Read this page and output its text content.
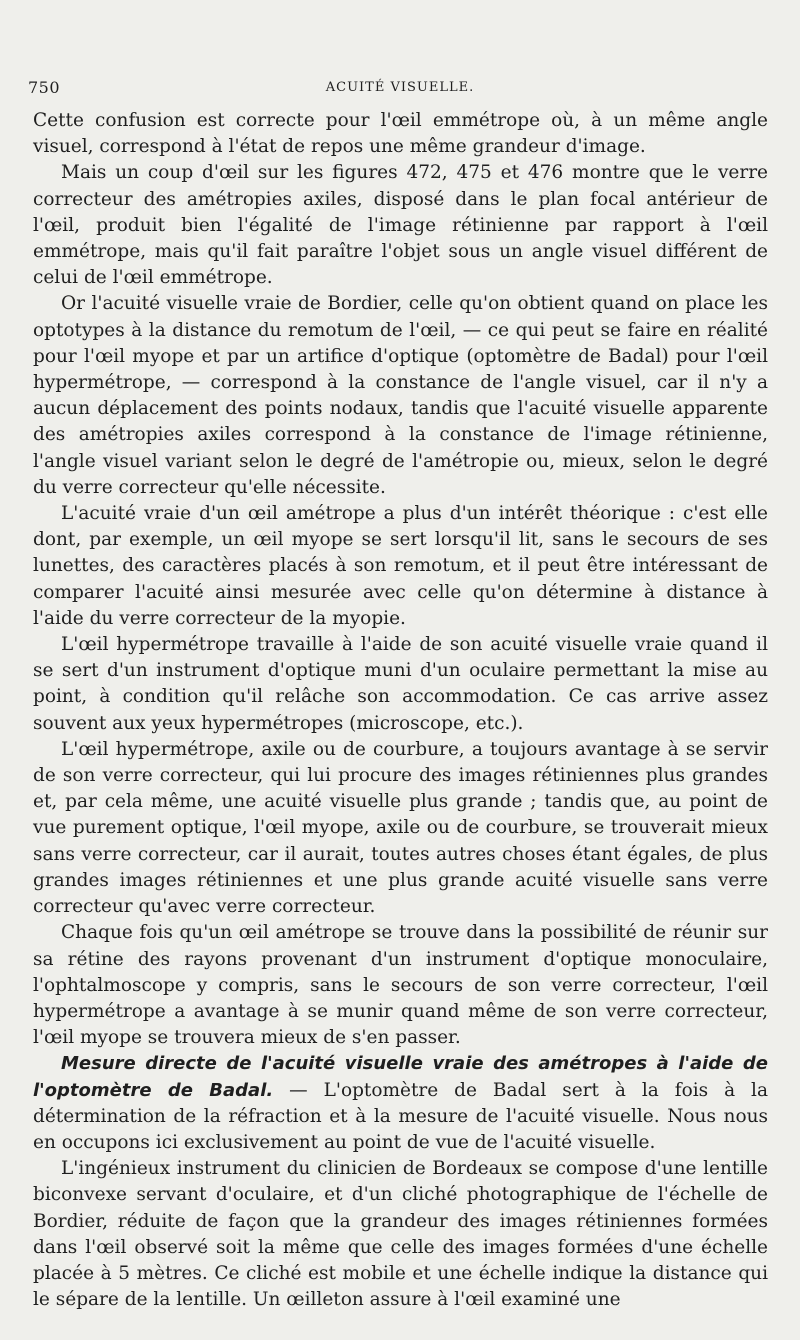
750	ACUITÉ VISUELLE.

Cette confusion est correcte pour l'œil emmétrope où, à un même angle visuel, correspond à l'état de repos une même grandeur d'image.

Mais un coup d'œil sur les figures 472, 475 et 476 montre que le verre correcteur des amétropies axiles, disposé dans le plan focal antérieur de l'œil, produit bien l'égalité de l'image rétinienne par rapport à l'œil emmétrope, mais qu'il fait paraître l'objet sous un angle visuel différent de celui de l'œil emmétrope.

Or l'acuité visuelle vraie de Bordier, celle qu'on obtient quand on place les optotypes à la distance du remotum de l'œil, — ce qui peut se faire en réalité pour l'œil myope et par un artifice d'optique (optomètre de Badal) pour l'œil hypermétrope, — correspond à la constance de l'angle visuel, car il n'y a aucun déplacement des points nodaux, tandis que l'acuité visuelle apparente des amétropies axiles correspond à la constance de l'image rétinienne, l'angle visuel variant selon le degré de l'amétropie ou, mieux, selon le degré du verre correcteur qu'elle nécessite.

L'acuité vraie d'un œil amétrope a plus d'un intérêt théorique : c'est elle dont, par exemple, un œil myope se sert lorsqu'il lit, sans le secours de ses lunettes, des caractères placés à son remotum, et il peut être intéressant de comparer l'acuité ainsi mesurée avec celle qu'on détermine à distance à l'aide du verre correcteur de la myopie.

L'œil hypermétrope travaille à l'aide de son acuité visuelle vraie quand il se sert d'un instrument d'optique muni d'un oculaire permettant la mise au point, à condition qu'il relâche son accommodation. Ce cas arrive assez souvent aux yeux hypermétropes (microscope, etc.).

L'œil hypermétrope, axile ou de courbure, a toujours avantage à se servir de son verre correcteur, qui lui procure des images rétiniennes plus grandes et, par cela même, une acuité visuelle plus grande ; tandis que, au point de vue purement optique, l'œil myope, axile ou de courbure, se trouverait mieux sans verre correcteur, car il aurait, toutes autres choses étant égales, de plus grandes images rétiniennes et une plus grande acuité visuelle sans verre correcteur qu'avec verre correcteur.

Chaque fois qu'un œil amétrope se trouve dans la possibilité de réunir sur sa rétine des rayons provenant d'un instrument d'optique monoculaire, l'ophtalmoscope y compris, sans le secours de son verre correcteur, l'œil hypermétrope a avantage à se munir quand même de son verre correcteur, l'œil myope se trouvera mieux de s'en passer.

Mesure directe de l'acuité visuelle vraie des amétropes à l'aide de l'optomètre de Badal. — L'optomètre de Badal sert à la fois à la détermination de la réfraction et à la mesure de l'acuité visuelle. Nous nous en occupons ici exclusivement au point de vue de l'acuité visuelle.

L'ingénieux instrument du clinicien de Bordeaux se compose d'une lentille biconvexe servant d'oculaire, et d'un cliché photographique de l'échelle de Bordier, réduite de façon que la grandeur des images rétiniennes formées dans l'œil observé soit la même que celle des images formées d'une échelle placée à 5 mètres. Ce cliché est mobile et une échelle indique la distance qui le sépare de la lentille. Un œilleton assure à l'œil examiné une
